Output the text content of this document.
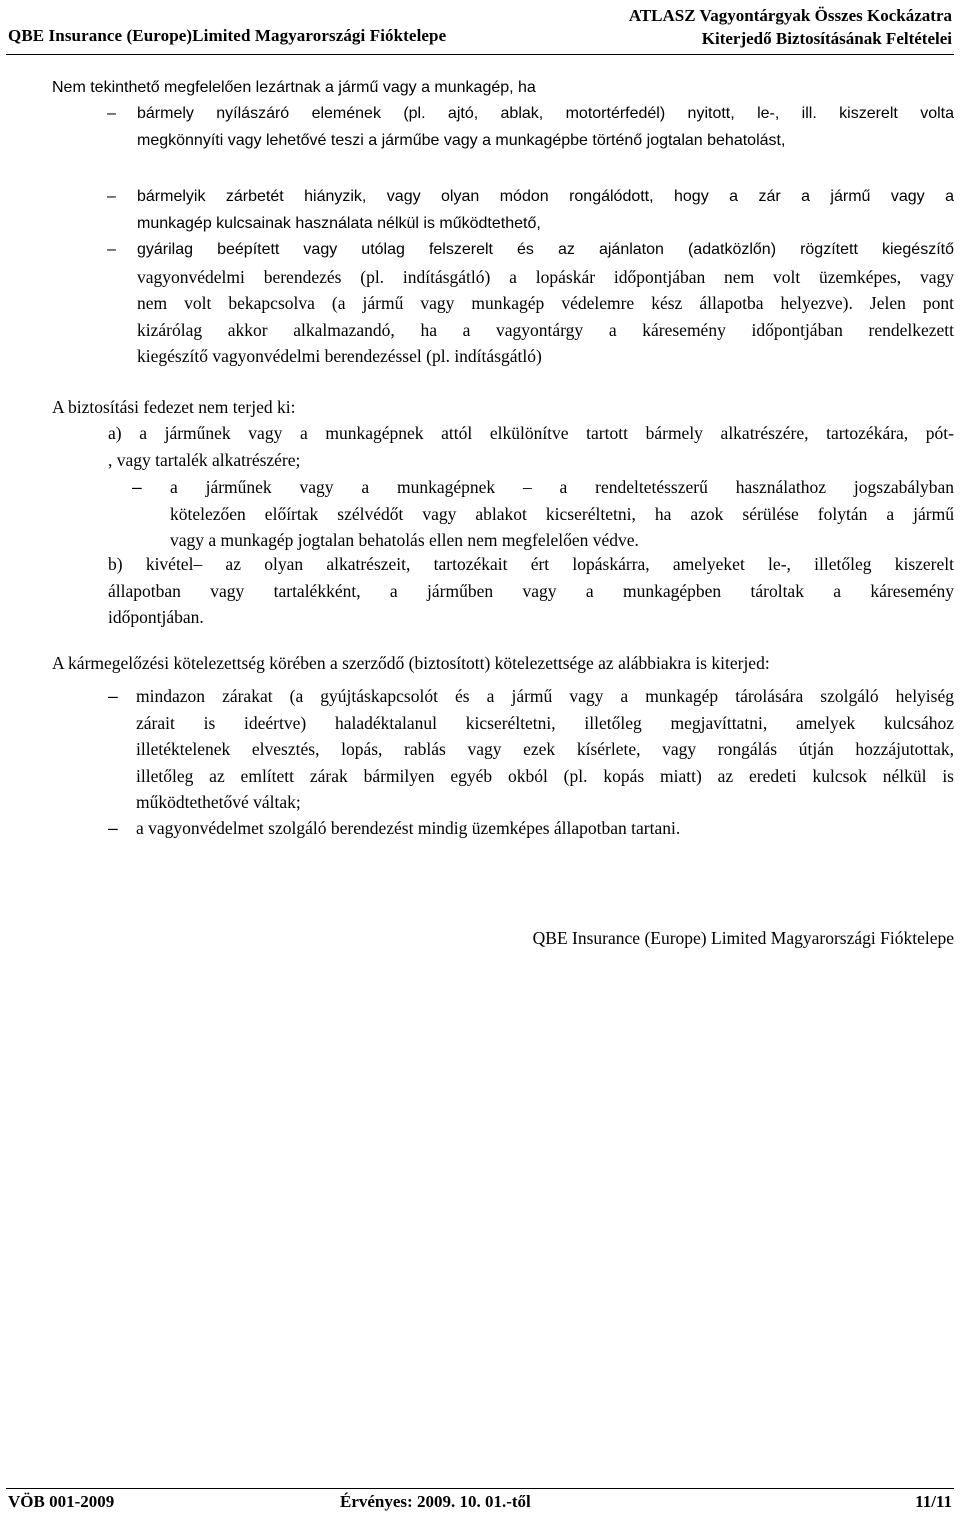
QBE Insurance (Europe)Limited Magyarországi Fióktelepe
ATLASZ Vagyontárgyak Összes Kockázatra
Kiterjedő Biztosításának Feltételei
Nem tekinthető megfelelően lezártnak a jármű vagy a munkagép, ha
– bármely nyílászáró elemének (pl. ajtó, ablak, motortérfedél) nyitott, le-, ill. kiszerelt volta
megkönnyíti vagy lehetővé teszi a járműbe vagy a munkagépbe történő jogtalan behatolást,
– bármelyik zárbetét hiányzik, vagy olyan módon rongálódott, hogy a zár a jármű vagy a
munkagép kulcsainak használata nélkül is működtethető,
– gyárilag beépített vagy utólag felszerelt és az ajánlaton (adatközlőn) rögzített kiegészítő
vagyonvédelmi berendezés (pl. indításgátló) a lopáskár időpontjában nem volt üzemképes, vagy
nem volt bekapcsolva (a jármű vagy munkagép védelemre kész állapotba helyezve). Jelen pont
kizárólag akkor alkalmazandó, ha a vagyontárgy a káresemény időpontjában rendelkezett
kiegészítő vagyonvédelmi berendezéssel (pl. indításgátló)
A biztosítási fedezet nem terjed ki:
a) a járműnek vagy a munkagépnek attól elkülönítve tartott bármely alkatrészére, tartozékára, pót-
, vagy tartalék alkatrészére;
– a járműnek vagy a munkagépnek – a rendeltetésszerű használathoz jogszabályban
kötelezően előírtak szélvédőt vagy ablakot kicseréltetni, ha azok sérülése folytán a jármű
vagy a munkagép jogtalan behatolás ellen nem megfelelően védve.
b) kivétel– az olyan alkatrészeit, tartozékait ért lopáskárra, amelyeket le-, illetőleg kiszerelt
állapotban vagy tartalékként, a járműben vagy a munkagépben tároltak a káresemény
időpontjában.
A kármegelőzési kötelezettség körében a szerződő (biztosított) kötelezettsége az alábbiakra is kiterjed:
– mindazon zárakat (a gyújtáskapcsolót és a jármű vagy a munkagép tárolására szolgáló helyiség
zárait is ideértve) haladéktalanul kicseréltetni, illetőleg megjavíttatni, amelyek kulcsához
illetéktelenek elvesztés, lopás, rablás vagy ezek kísérlete, vagy rongálás útján hozzájutottak,
illetőleg az említett zárak bármilyen egyéb okból (pl. kopás miatt) az eredeti kulcsok nélkül is
működtethetővé váltak;
– a vagyonvédelmet szolgáló berendezést mindig üzemképes állapotban tartani.
QBE Insurance (Europe) Limited Magyarországi Fióktelepe
VÖB 001-2009	Érvényes: 2009. 10. 01.-től	11/11
